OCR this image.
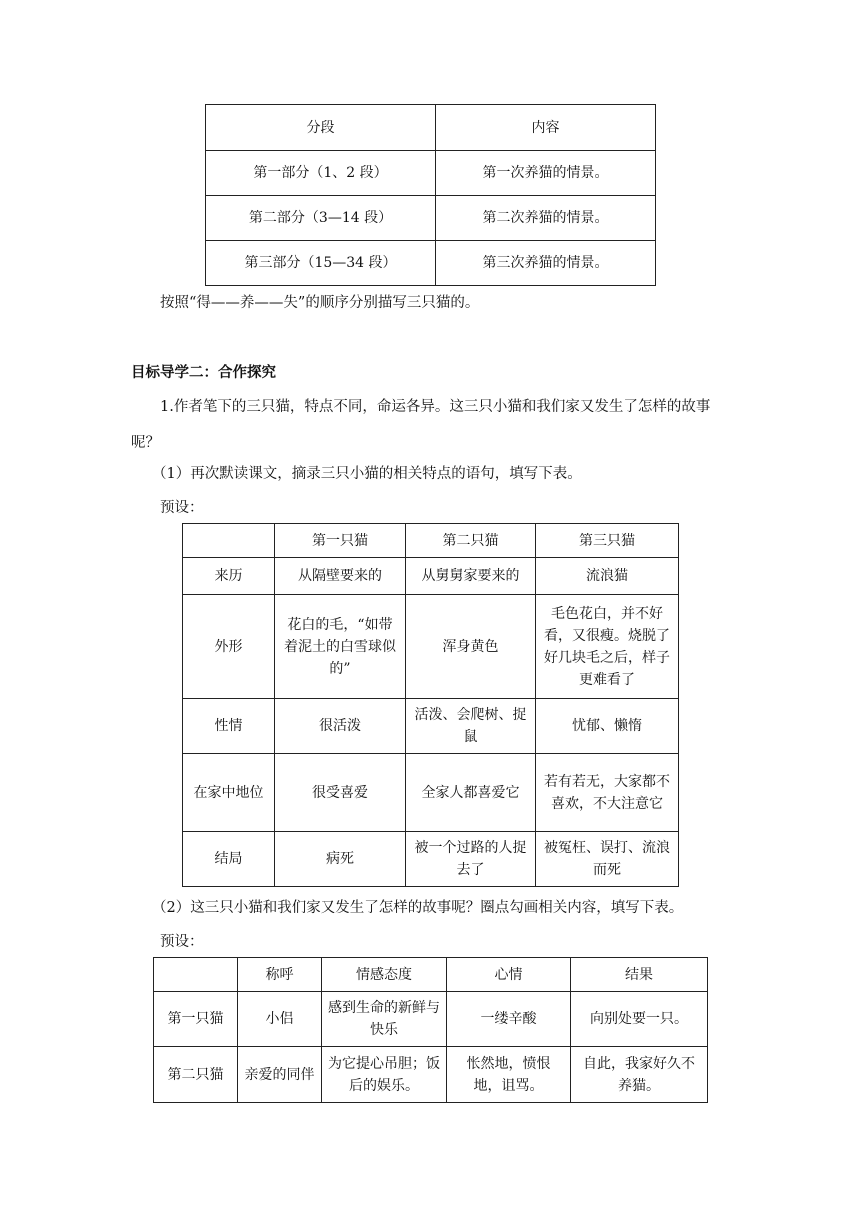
分段	内容
第一部分（1、2 段）	第一次养猫的情景。
第二部分（3—14 段）	第二次养猫的情景。
第三部分（15—34 段）	第三次养猫的情景。
按照“得——养——失”的顺序分别描写三只猫的。
目标导学二：合作探究
1.作者笔下的三只猫，特点不同，命运各异。这三只小猫和我们家又发生了怎样的故事
呢？
（1）再次默读课文，摘录三只小猫的相关特点的语句，填写下表。
预设：
	第一只猫	第二只猫	第三只猫
来历	从隔壁要来的	从舅舅家要来的	流浪猫
外形	花白的毛，“如带着泥土的白雪球似的”	浑身黄色	毛色花白，并不好看，又很瘦。烧脱了好几块毛之后，样子更难看了
性情	很活泼	活泼、会爬树、捉鼠	忧郁、懒惰
在家中地位	很受喜爱	全家人都喜爱它	若有若无，大家都不喜欢，不大注意它
结局	病死	被一个过路的人捉去了	被冤枉、误打、流浪而死
（2）这三只小猫和我们家又发生了怎样的故事呢？圈点勾画相关内容，填写下表。
预设：
	称呼	情感态度	心情	结果
第一只猫	小侣	感到生命的新鲜与快乐	一缕辛酸	向别处要一只。
第二只猫	亲爱的同伴	为它提心吊胆；饭后的娱乐。	怅然地，愤恨地，诅骂。	自此，我家好久不养猫。
